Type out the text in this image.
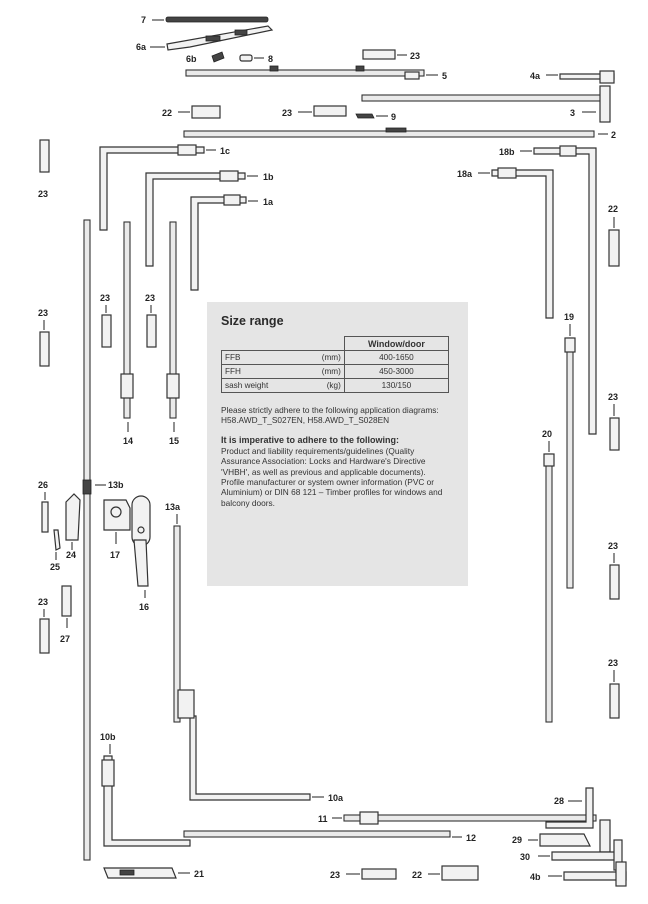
7
6a
6b	8	23
5	4a
22	3
23	9
2
23
1c
1b
1a
18b
18a
22
23
13b
23	23
14	15
19
23
20
26
24
25
17
16
13a
23
27
23
23
10a
10b
11
12
28
29
30
21	23	22	4b
Size range
		Window/door
FFB	(mm)	400-1650
FFH	(mm)	450-3000
sash weight	(kg)	130/150

Please strictly adhere to the following application diagrams: H58.AWD_T_S027EN, H58.AWD_T_S028EN

It is imperative to adhere to the following:

Product and liability requirements/guidelines (Quality Assurance Association: Locks and Hardware's Directive 'VHBH', as well as previous and applicable documents).

Profile manufacturer or system owner information (PVC or Aluminium) or DIN 68 121 – Timber profiles for windows and balcony doors.
